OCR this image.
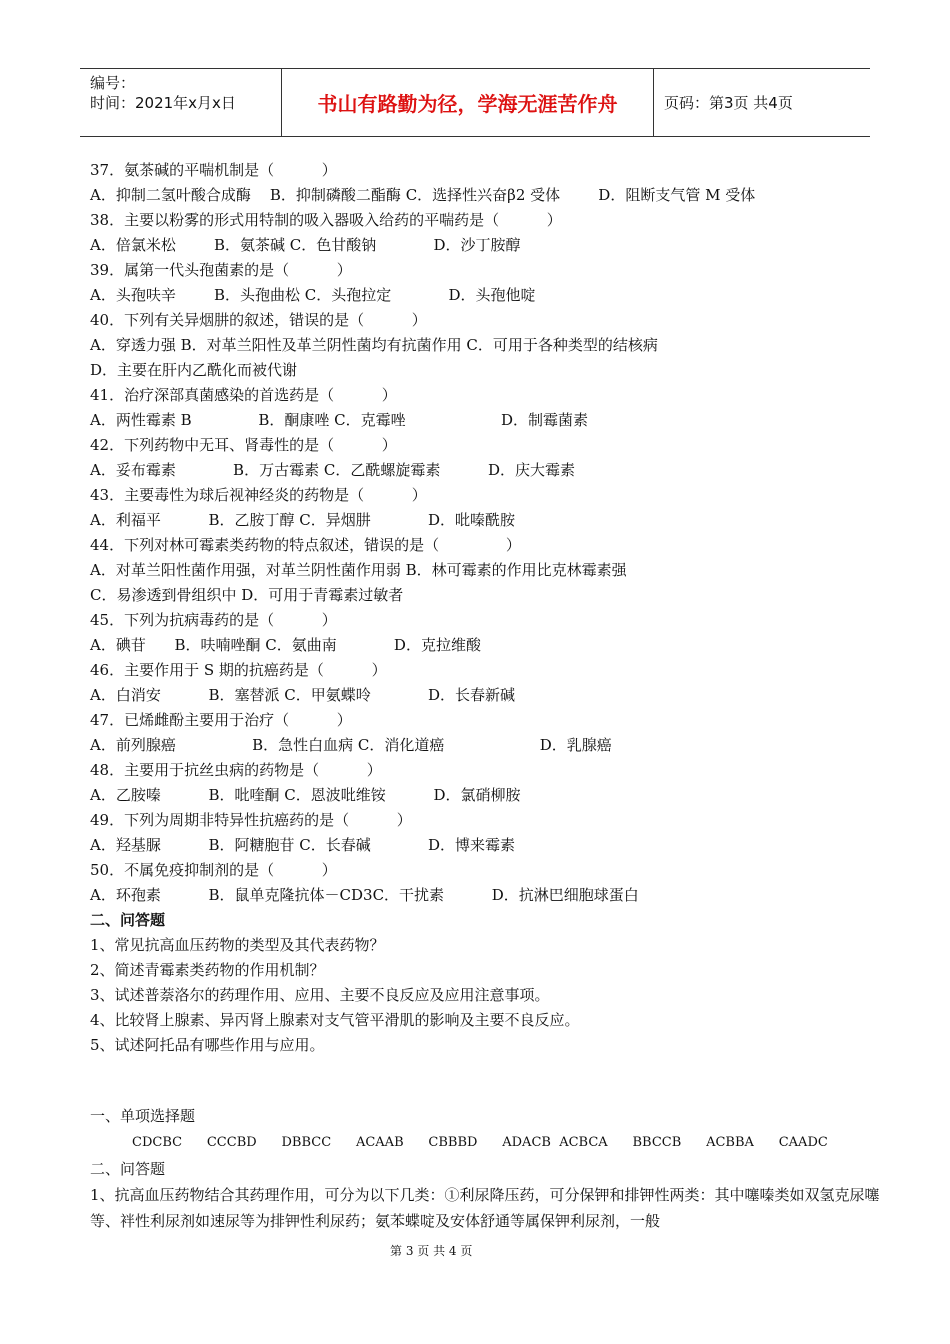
编号：
时间：2021年x月x日	书山有路勤为径，学海无涯苦作舟	页码：第3页 共4页
37．氨茶碱的平喘机制是（          ）
A．抑制二氢叶酸合成酶    B．抑制磷酸二酯酶 C．选择性兴奋β2 受体        D．阻断支气管 M 受体
38．主要以粉雾的形式用特制的吸入器吸入给药的平喘药是（          ）
A．倍氯米松        B．氨茶碱 C．色甘酸钠            D．沙丁胺醇
39．属第一代头孢菌素的是（          ）
A．头孢呋辛        B．头孢曲松 C．头孢拉定            D．头孢他啶
40．下列有关异烟肼的叙述，错误的是（          ）
A．穿透力强 B．对革兰阳性及革兰阴性菌均有抗菌作用 C．可用于各种类型的结核病
D．主要在肝内乙酰化而被代谢
41．治疗深部真菌感染的首选药是（          ）
A．两性霉素 B              B．酮康唑 C．克霉唑                    D．制霉菌素
42．下列药物中无耳、肾毒性的是（          ）
A．妥布霉素            B．万古霉素 C．乙酰螺旋霉素          D．庆大霉素
43．主要毒性为球后视神经炎的药物是（          ）
A．利福平          B．乙胺丁醇 C．异烟肼            D．吡嗪酰胺
44．下列对林可霉素类药物的特点叙述，错误的是（              ）
A．对革兰阳性菌作用强，对革兰阴性菌作用弱 B．林可霉素的作用比克林霉素强
C．易渗透到骨组织中 D．可用于青霉素过敏者
45．下列为抗病毒药的是（          ）
A．碘苷      B．呋喃唑酮 C．氨曲南            D．克拉维酸
46．主要作用于 S 期的抗癌药是（          ）
A．白消安          B．塞替派 C．甲氨蝶呤            D．长春新碱
47．已烯雌酚主要用于治疗（          ）
A．前列腺癌                B．急性白血病 C．消化道癌                    D．乳腺癌
48．主要用于抗丝虫病的药物是（          ）
A．乙胺嗪          B．吡喹酮 C．恩波吡维铵          D．氯硝柳胺
49．下列为周期非特异性抗癌药的是（          ）
A．羟基脲          B．阿糖胞苷 C．长春碱            D．博来霉素
50．不属免疫抑制剂的是（          ）
A．环孢素          B．鼠单克隆抗体－CD3C．干扰素          D．抗淋巴细胞球蛋白
二、问答题
1、常见抗高血压药物的类型及其代表药物？
2、简述青霉素类药物的作用机制？
3、试述普萘洛尔的药理作用、应用、主要不良反应及应用注意事项。
4、比较肾上腺素、异丙肾上腺素对支气管平滑肌的影响及主要不良反应。
5、试述阿托品有哪些作用与应用。
一、单项选择题
CDCBC CCCBD DBBCC ACAAB CBBBD ADACB ACBCA BBCCB ACBBA CAADC
二、问答题
1、抗高血压药物结合其药理作用，可分为以下几类：①利尿降压药，可分保钾和排钾性两类：其中噻嗪类如双氢克尿噻等、袢性利尿剂如速尿等为排钾性利尿药；氨苯蝶啶及安体舒通等属保钾利尿剂，一般
第 3 页 共 4 页
